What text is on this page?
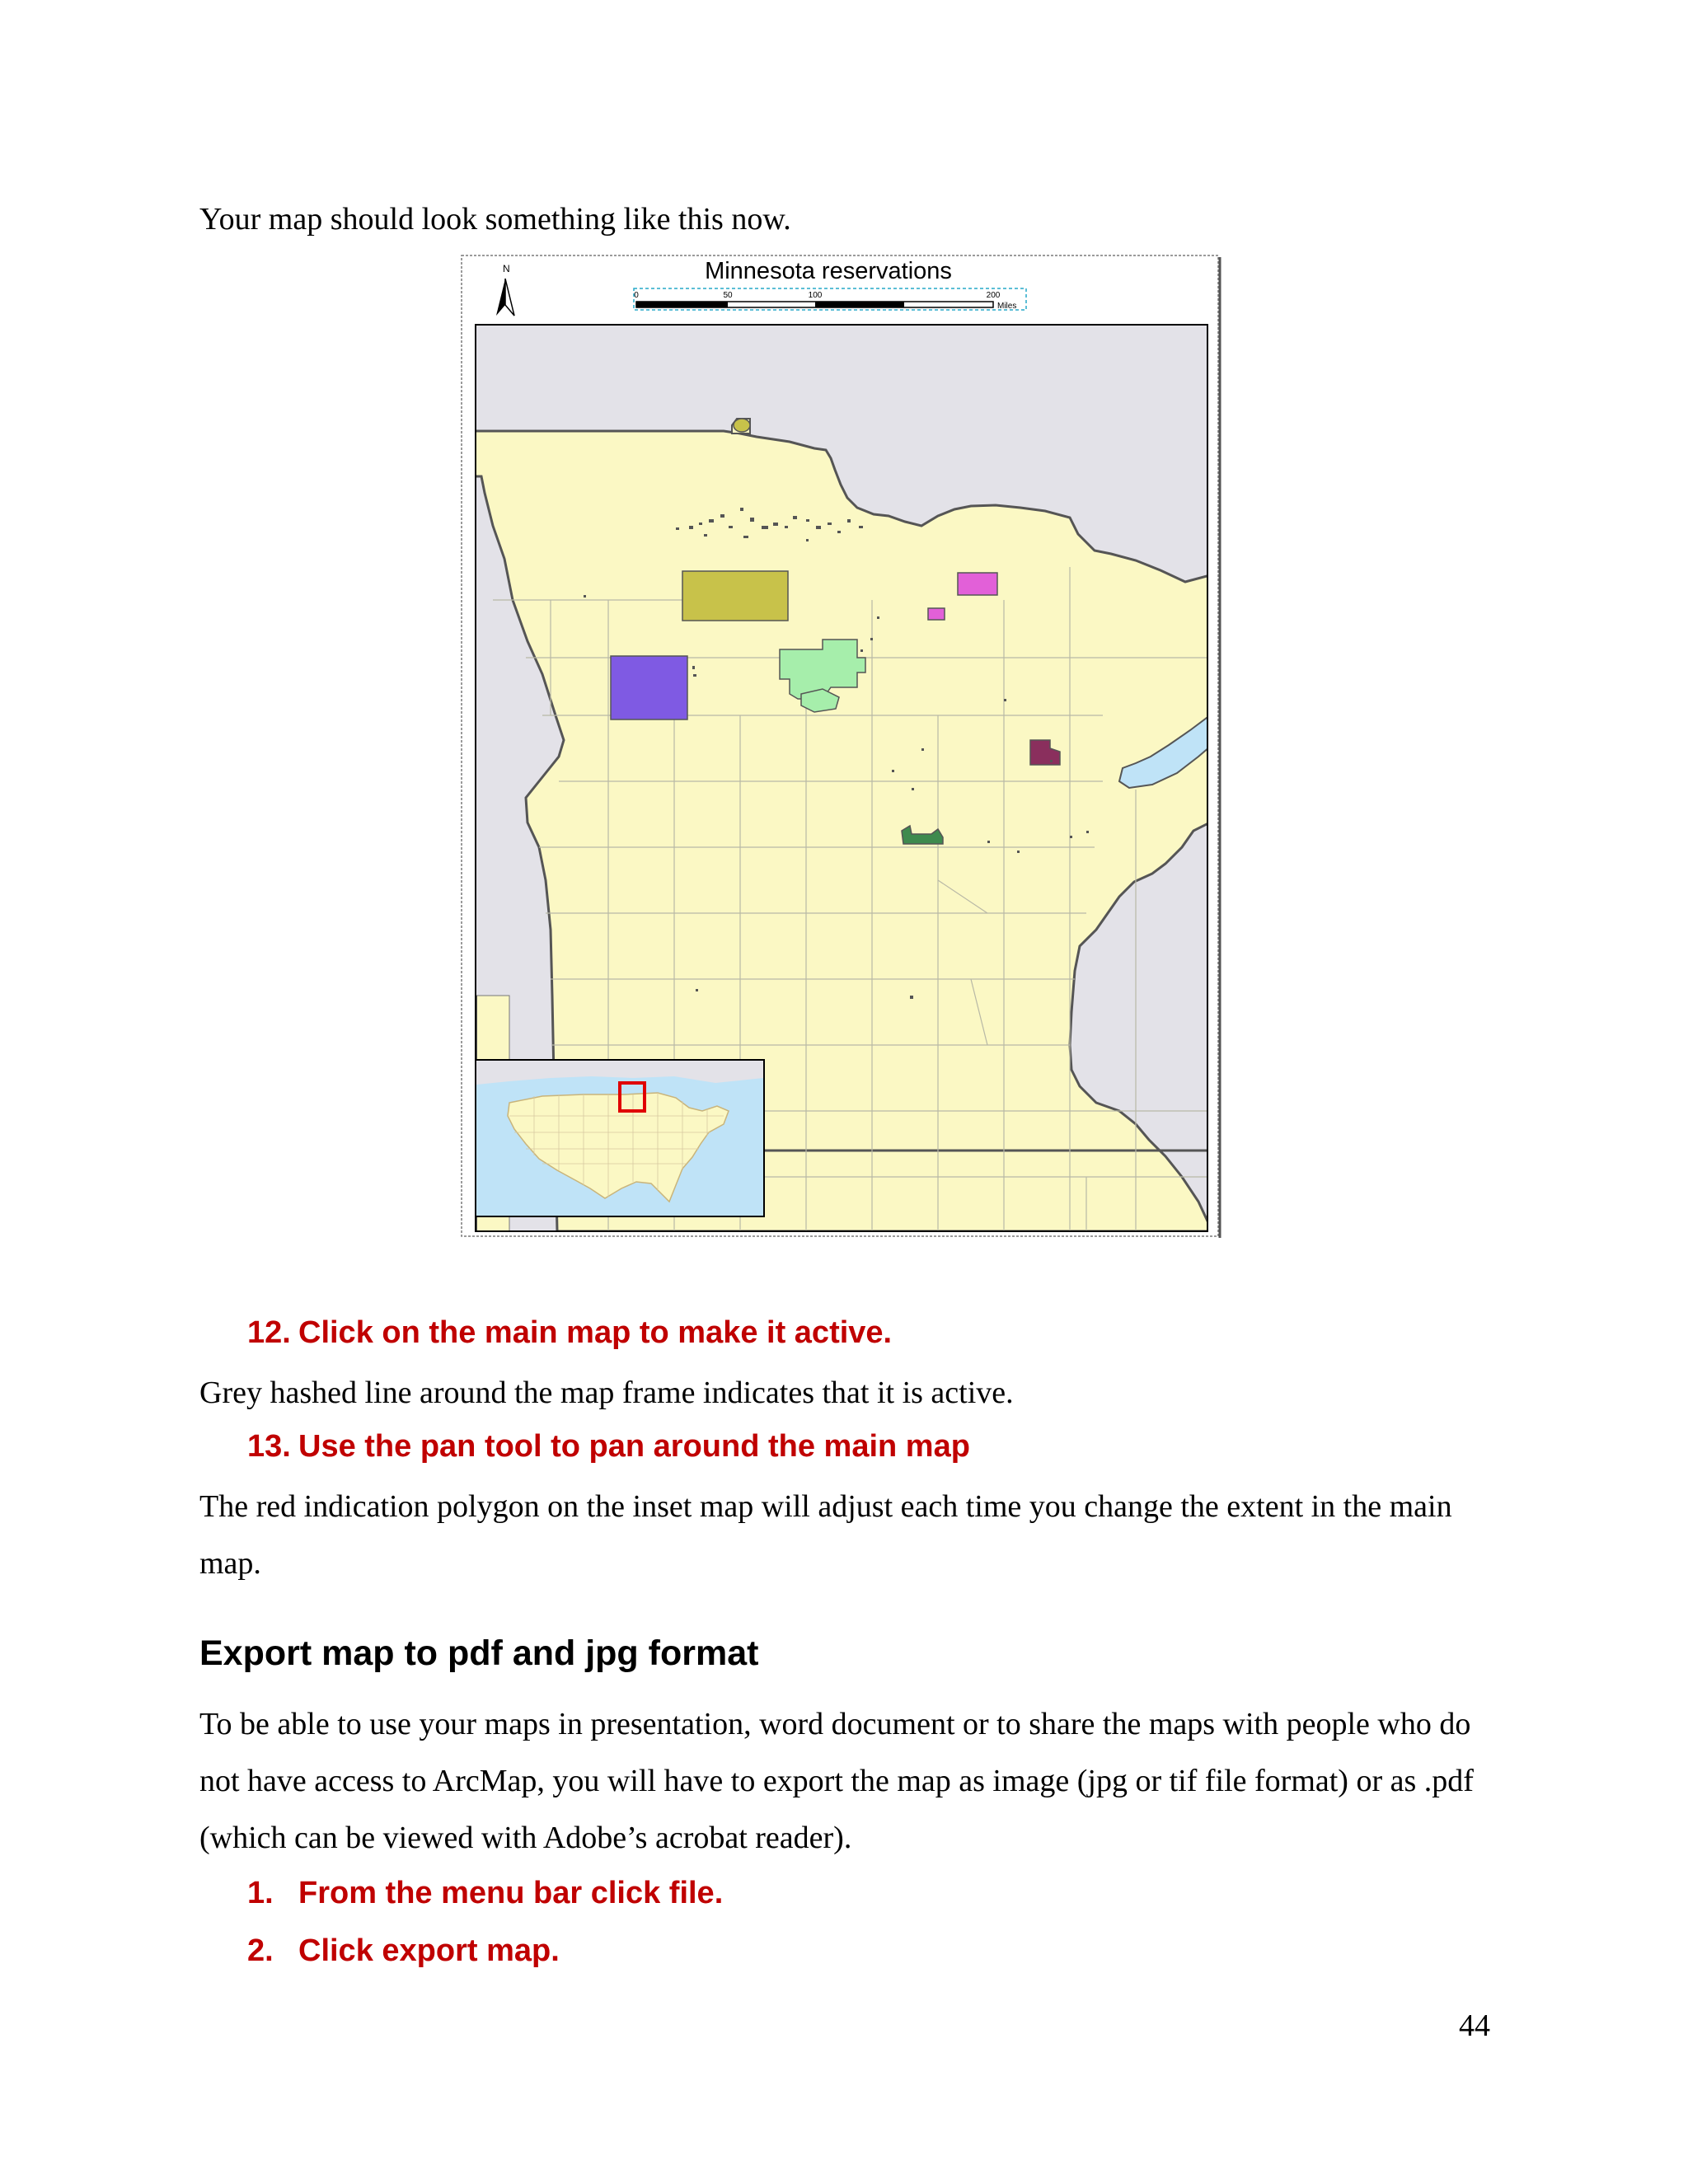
Your map should look something like this now.
N	Minnesota reservations
0	50	100	200
Miles
12. Click on the main map to make it active.
Grey hashed line around the map frame indicates that it is active.
13. Use the pan tool to pan around the main map
The red indication polygon on the inset map will adjust each time you change the extent in the main map.
Export map to pdf and jpg format
To be able to use your maps in presentation, word document or to share the maps with people who do not have access to ArcMap, you will have to export the map as image (jpg or tif file format) or as .pdf (which can be viewed with Adobe’s acrobat reader).
1. From the menu bar click file.
2. Click export map.
44
